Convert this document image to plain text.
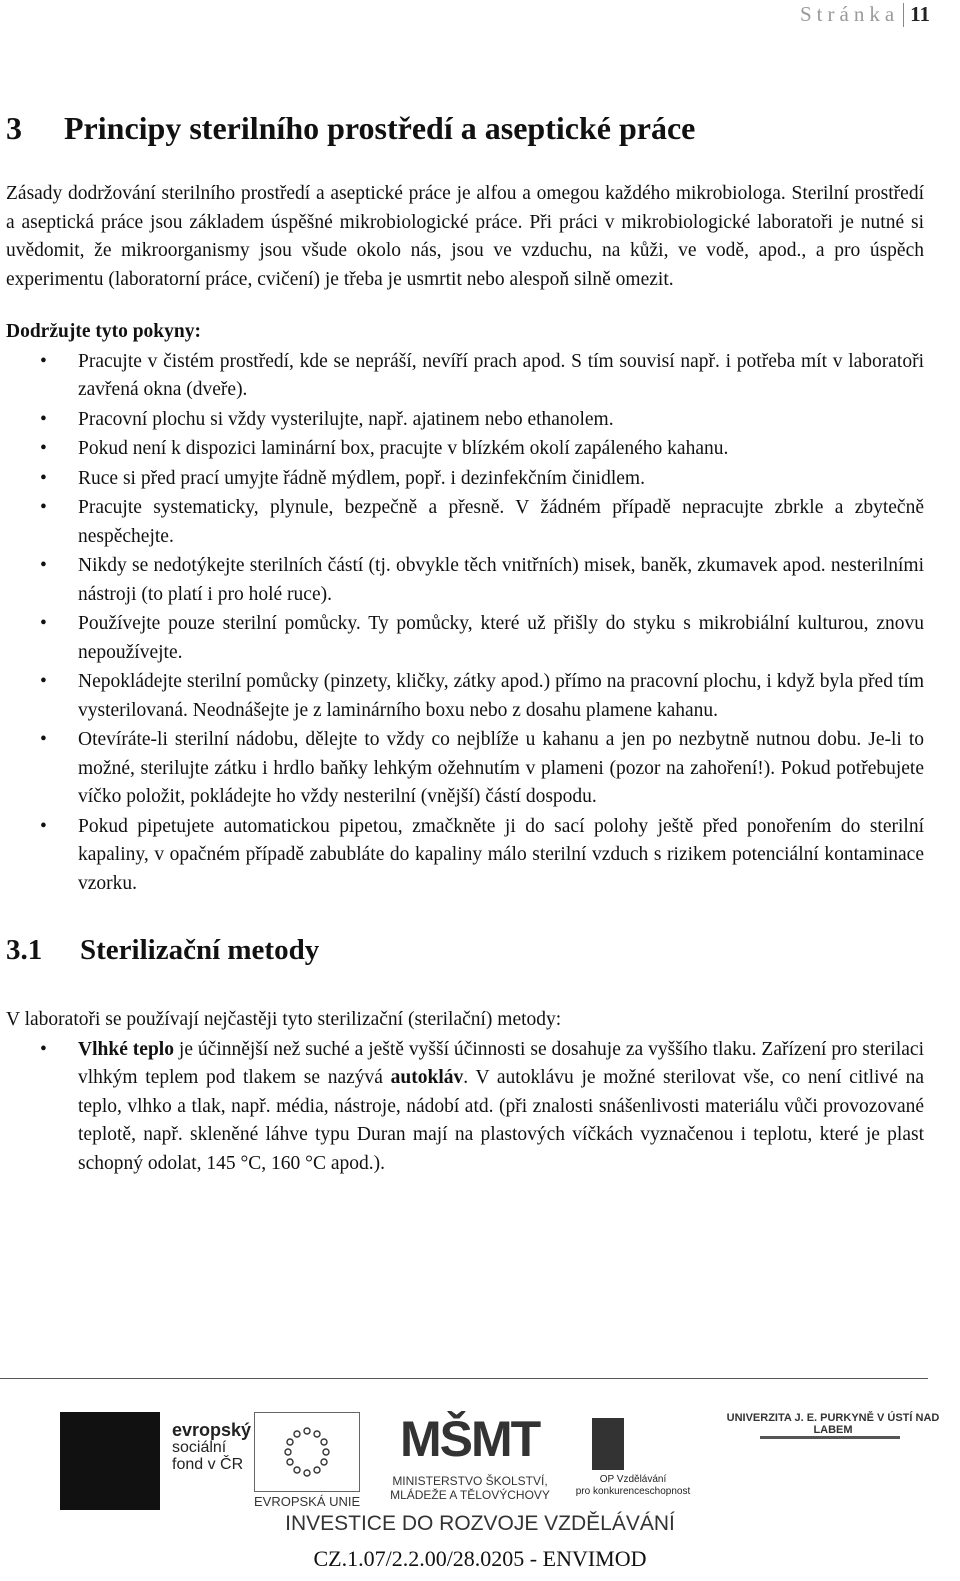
Stránka 11
3 Principy sterilního prostředí a aseptické práce

Zásady dodržování sterilního prostředí a aseptické práce je alfou a omegou každého mikrobiologa. Sterilní prostředí a aseptická práce jsou základem úspěšné mikrobiologické práce. Při práci v mikrobiologické laboratoři je nutné si uvědomit, že mikroorganismy jsou všude okolo nás, jsou ve vzduchu, na kůži, ve vodě, apod., a pro úspěch experimentu (laboratorní práce, cvičení) je třeba je usmrtit nebo alespoň silně omezit.

Dodržujte tyto pokyny:

• Pracujte v čistém prostředí, kde se nepráší, nevíří prach apod. S tím souvisí např. i potřeba mít v laboratoři zavřená okna (dveře).
• Pracovní plochu si vždy vysterilujte, např. ajatinem nebo ethanolem.
• Pokud není k dispozici laminární box, pracujte v blízkém okolí zapáleného kahanu.
• Ruce si před prací umyjte řádně mýdlem, popř. i dezinfekčním činidlem.
• Pracujte systematicky, plynule, bezpečně a přesně. V žádném případě nepracujte zbrkle a zbytečně nespěchejte.
• Nikdy se nedotýkejte sterilních částí (tj. obvykle těch vnitřních) misek, baněk, zkumavek apod. nesterilními nástroji (to platí i pro holé ruce).
• Používejte pouze sterilní pomůcky. Ty pomůcky, které už přišly do styku s mikrobiální kulturou, znovu nepoužívejte.
• Nepokládejte sterilní pomůcky (pinzety, kličky, zátky apod.) přímo na pracovní plochu, i když byla před tím vysterilovaná. Neodnášejte je z laminárního boxu nebo z dosahu plamene kahanu.
• Otevíráte-li sterilní nádobu, dělejte to vždy co nejblíže u kahanu a jen po nezbytně nutnou dobu. Je-li to možné, sterilujte zátku i hrdlo baňky lehkým ožehnutím v plameni (pozor na zahoření!). Pokud potřebujete víčko položit, pokládejte ho vždy nesterilní (vnější) částí dospodu.
• Pokud pipetujete automatickou pipetou, zmačkněte ji do sací polohy ještě před ponořením do sterilní kapaliny, v opačném případě zabubláte do kapaliny málo sterilní vzduch s rizikem potenciální kontaminace vzorku.
3.1 Sterilizační metody

V laboratoři se používají nejčastěji tyto sterilizační (sterilační) metody:

• Vlhké teplo je účinnější než suché a ještě vyšší účinnosti se dosahuje za vyššího tlaku. Zařízení pro sterilaci vlhkým teplem pod tlakem se nazývá autokláv. V autoklávu je možné sterilovat vše, co není citlivé na teplo, vlhko a tlak, např. média, nástroje, nádobí atd. (při znalosti snášenlivosti materiálu vůči provozované teplotě, např. skleněné láhve typu Duran mají na plastových víčkách vyznačenou i teplotu, které je plast schopný odolat, 145 °C, 160 °C apod.).
evropský
sociální
fond v ČR
EVROPSKÁ UNIE
MŠMT
MINISTERSTVO ŠKOLSTVÍ,
MLÁDEŽE A TĚLOVÝCHOVY
OP Vzdělávání
pro konkurenceschopnost
UNIVERZITA J. E. PURKYNĚ V ÚSTÍ NAD LABEM
INVESTICE DO ROZVOJE VZDĚLÁVÁNÍ
CZ.1.07/2.2.00/28.0205 - ENVIMOD
